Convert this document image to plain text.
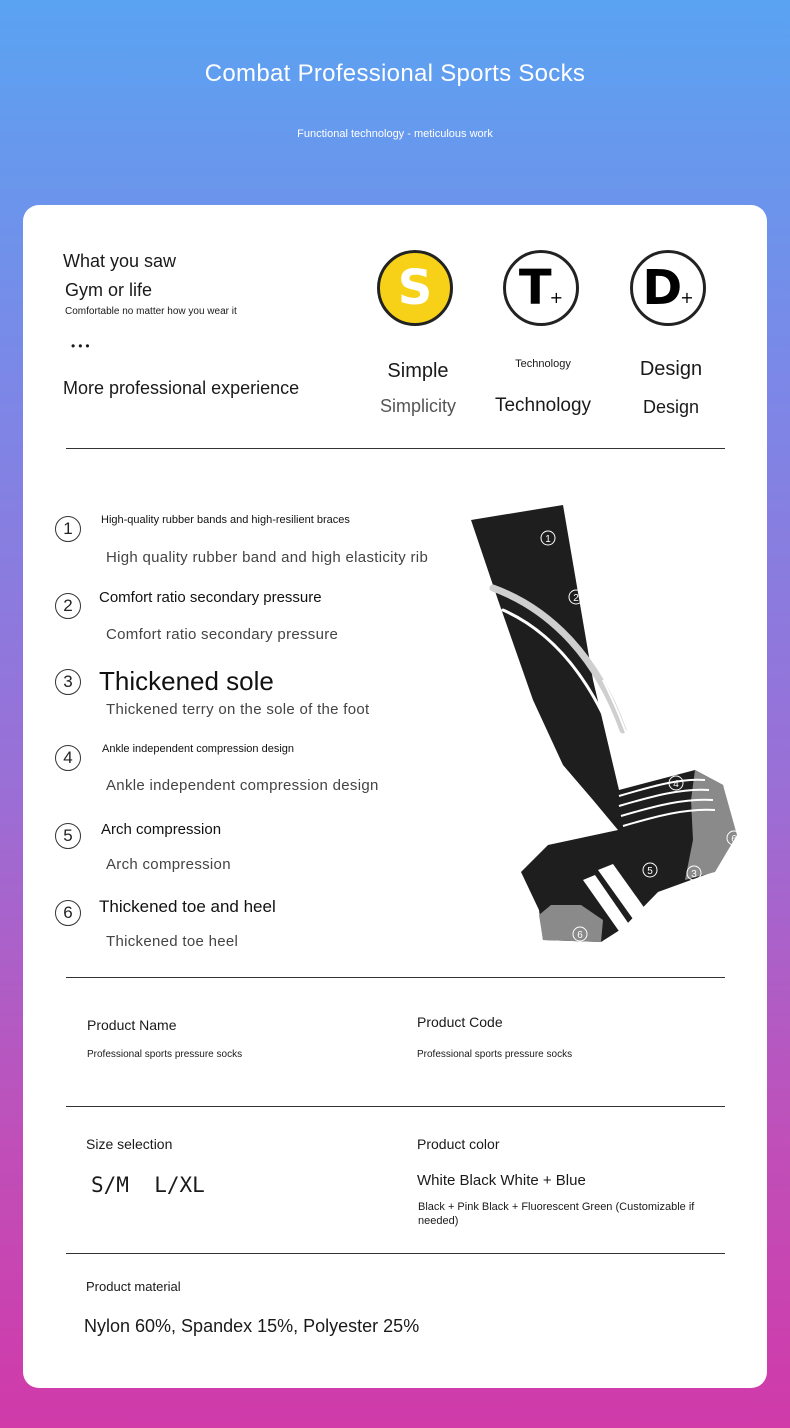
Combat Professional Sports Socks
Functional technology - meticulous work
What you saw
Gym or life
Comfortable no matter how you wear it
•••
More professional experience
S T
+ D
+
Simple
Simplicity
Technology
Technology
Design
Design
1	High-quality rubber bands and high-resilient braces
High quality rubber band and high elasticity rib
2	Comfort ratio secondary pressure
Comfort ratio secondary pressure
3	Thickened sole
Thickened terry on the sole of the foot
4	Ankle independent compression design
Ankle independent compression design
5	Arch compression
Arch compression
6	Thickened toe and heel
Thickened toe heel
1
2
4
6
5	3
6
Product Name
Professional sports pressure socks
Product Code
Professional sports pressure socks
Size selection
S/M  L/XL
Product color
White Black White + Blue
Black + Pink Black + Fluorescent Green (Customizable if needed)
Product material
Nylon 60%, Spandex 15%, Polyester 25%
